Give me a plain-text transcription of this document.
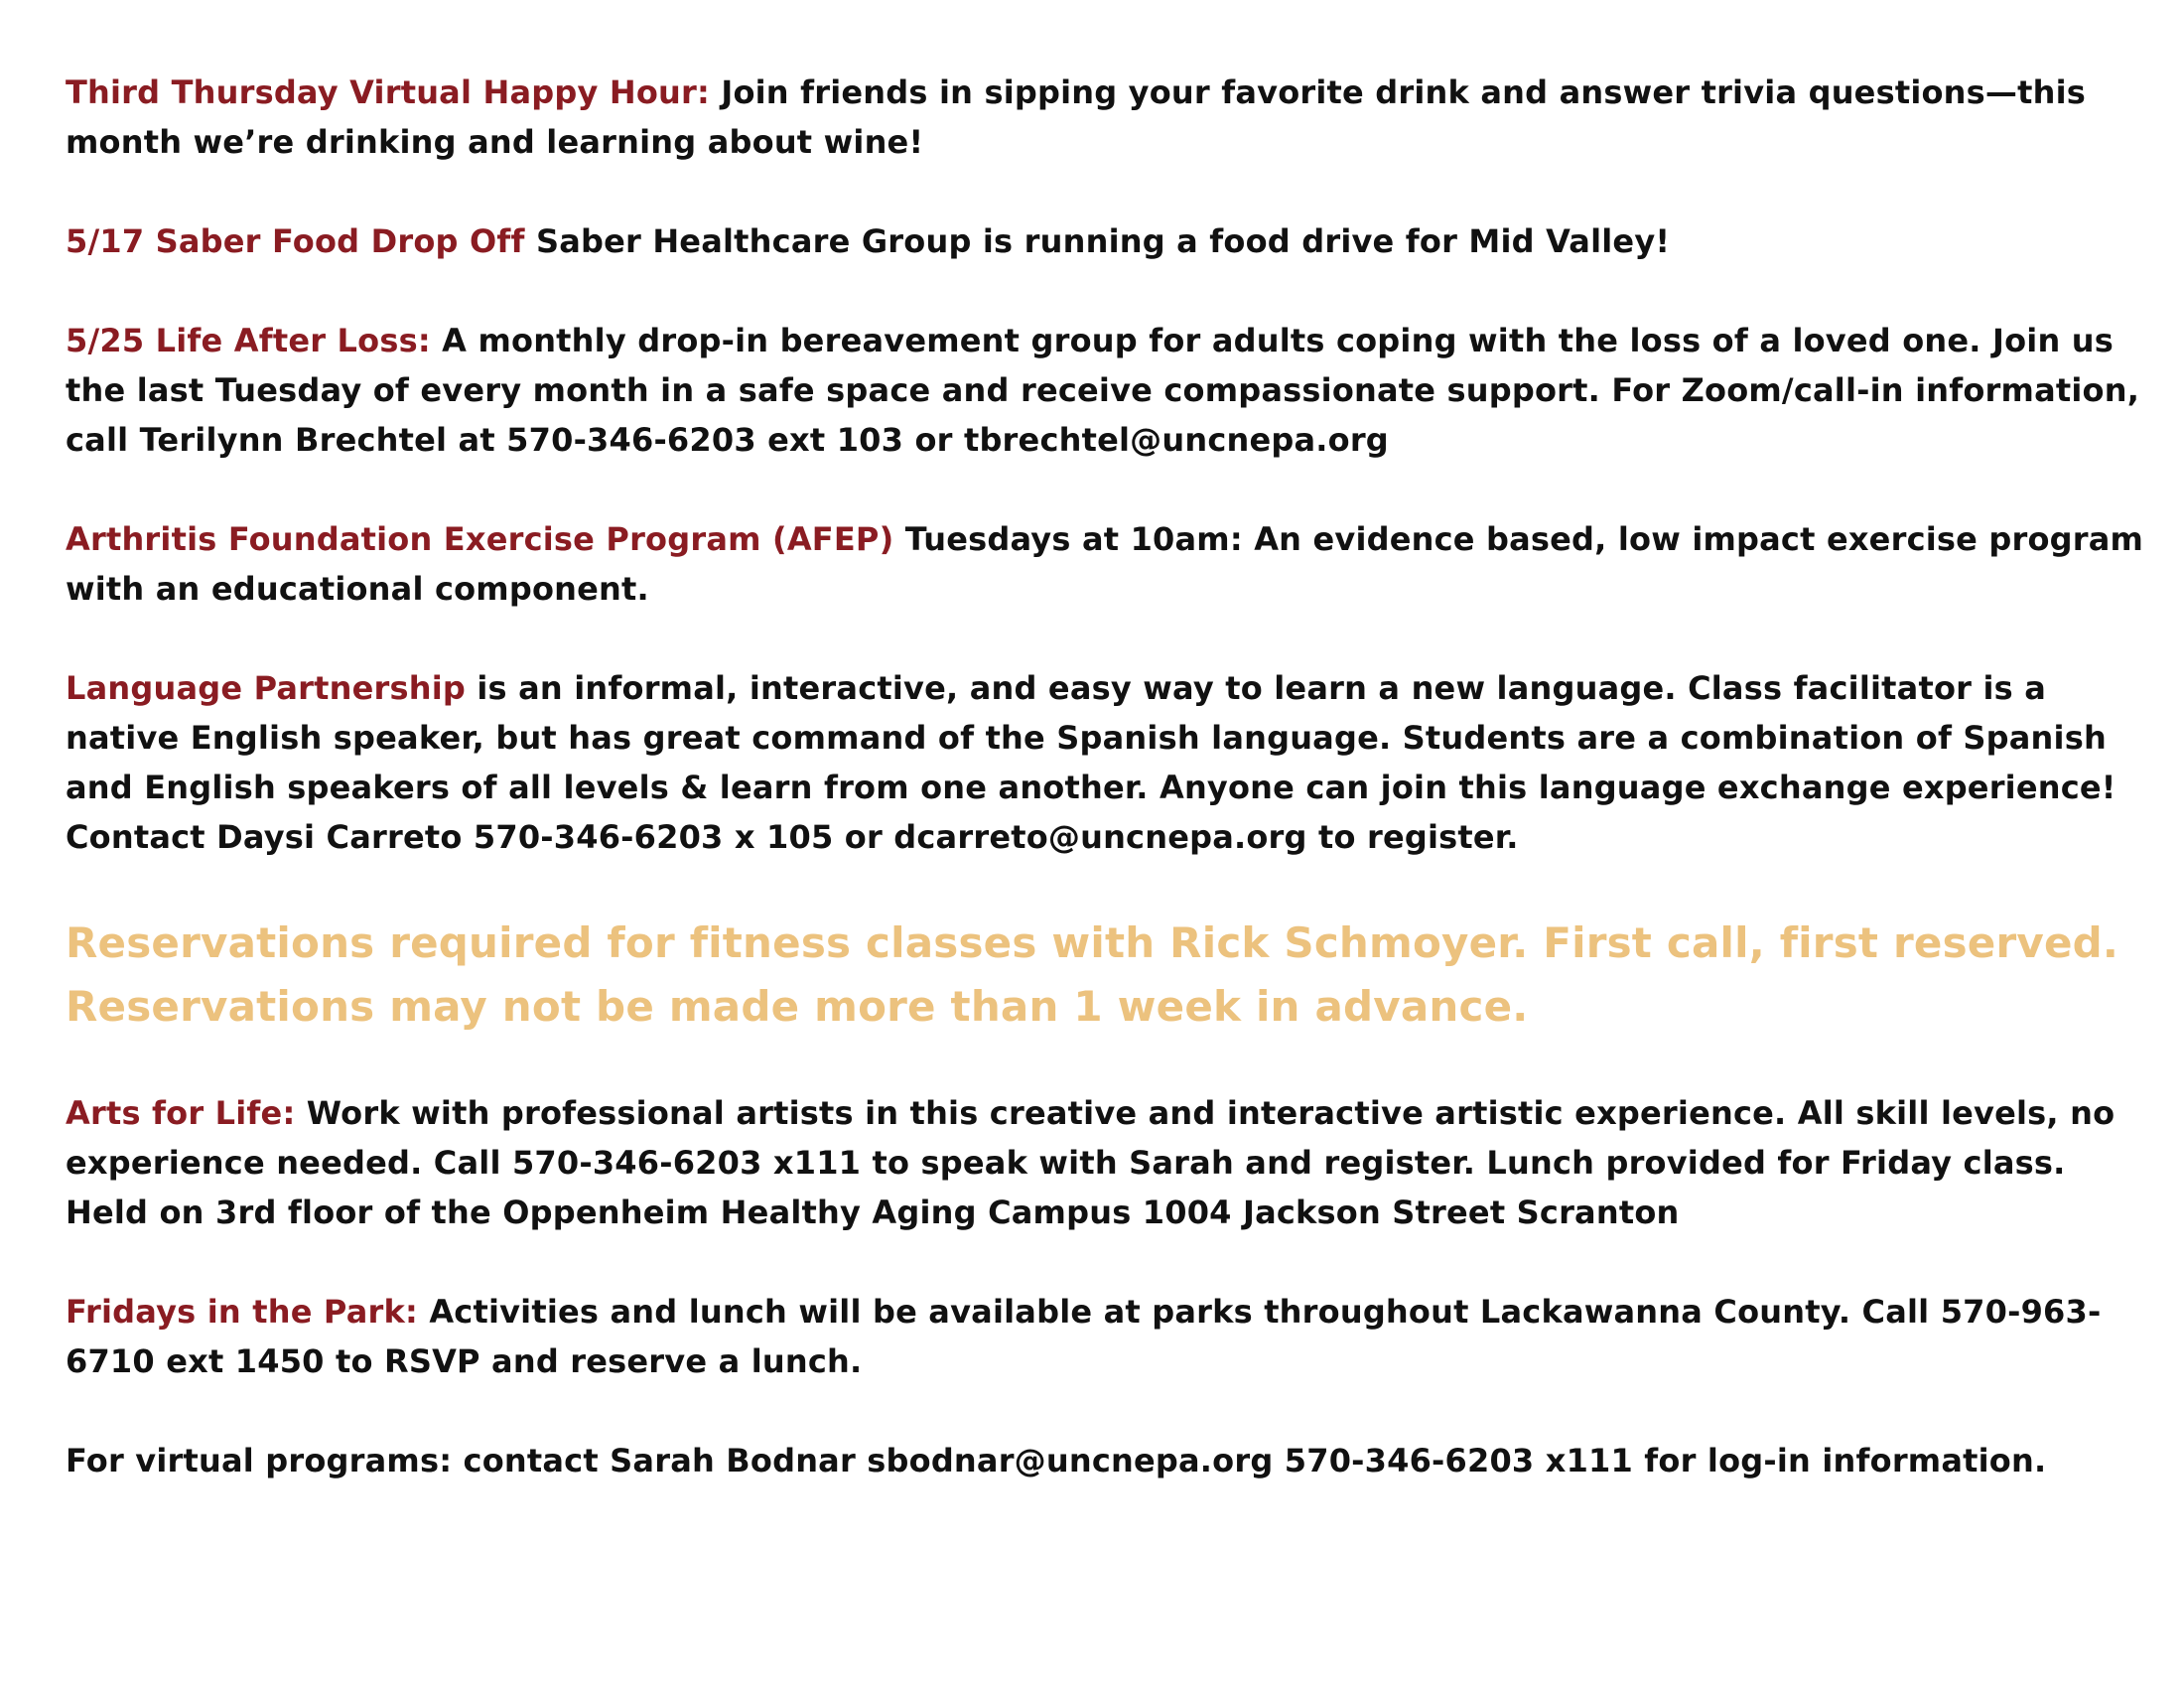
Third Thursday Virtual Happy Hour: Join friends in sipping your favorite drink and answer trivia questions—this month we’re drinking and learning about wine!

5/17 Saber Food Drop Off Saber Healthcare Group is running a food drive for Mid Valley!

5/25 Life After Loss: A monthly drop-in bereavement group for adults coping with the loss of a loved one. Join us the last Tuesday of every month in a safe space and receive compassionate support. For Zoom/call-in information, call Terilynn Brechtel at 570-346-6203 ext 103 or tbrechtel@uncnepa.org

Arthritis Foundation Exercise Program (AFEP) Tuesdays at 10am: An evidence based, low impact exercise program with an educational component.

Language Partnership is an informal, interactive, and easy way to learn a new language. Class facilitator is a native English speaker, but has great command of the Spanish language. Students are a combination of Spanish and English speakers of all levels & learn from one another. Anyone can join this language exchange experience! Contact Daysi Carreto 570-346-6203 x 105 or dcarreto@uncnepa.org to register.

Reservations required for fitness classes with Rick Schmoyer. First call, first reserved. Reservations may not be made more than 1 week in advance.

Arts for Life: Work with professional artists in this creative and interactive artistic experience. All skill levels, no experience needed. Call 570-346-6203 x111 to speak with Sarah and register. Lunch provided for Friday class. Held on 3rd floor of the Oppenheim Healthy Aging Campus 1004 Jackson Street Scranton

Fridays in the Park: Activities and lunch will be available at parks throughout Lackawanna County. Call 570-963-6710 ext 1450 to RSVP and reserve a lunch.

For virtual programs: contact Sarah Bodnar sbodnar@uncnepa.org 570-346-6203 x111 for log-in information.
